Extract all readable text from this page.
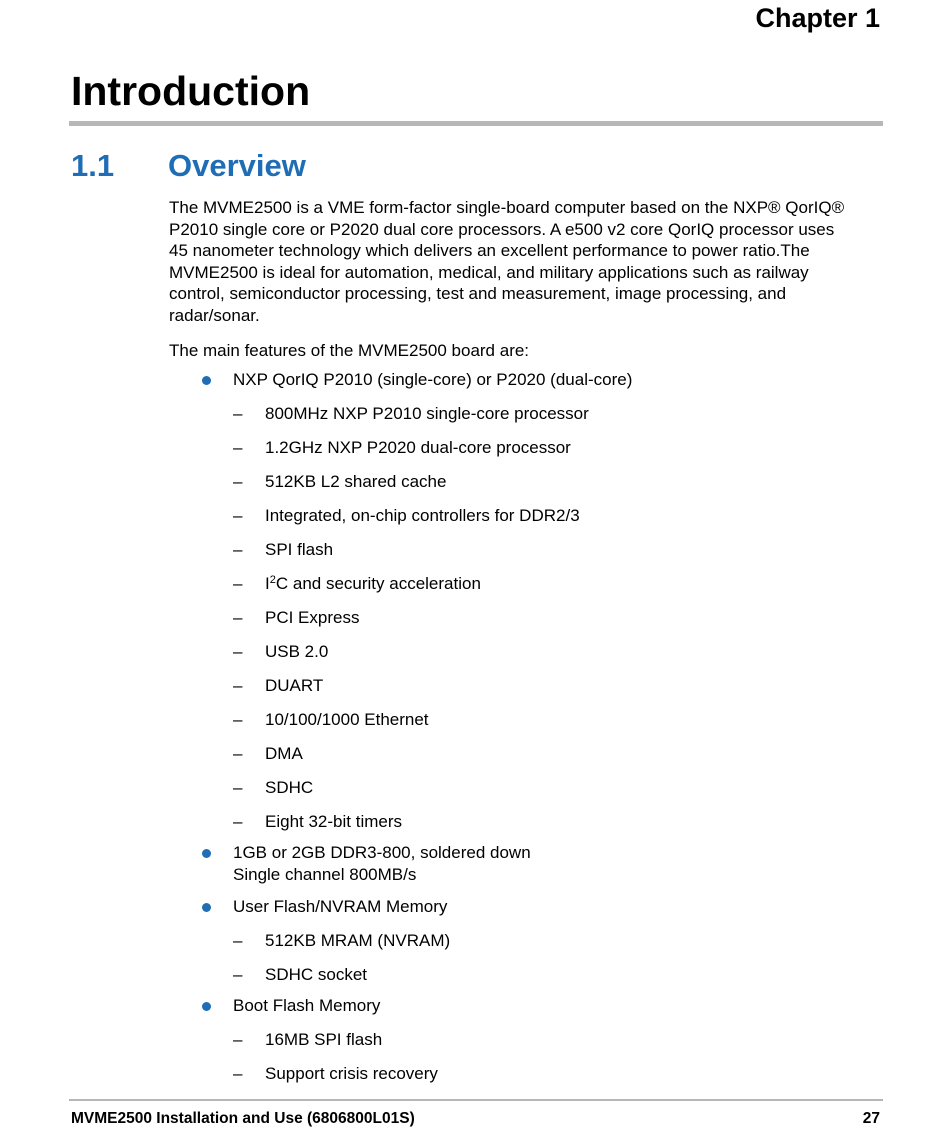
Chapter 1
Introduction
1.1 Overview

The MVME2500 is a VME form-factor single-board computer based on the NXP® QorIQ®
P2010 single core or P2020 dual core processors. A e500 v2 core QorIQ processor uses
45 nanometer technology which delivers an excellent performance to power ratio.The
MVME2500 is ideal for automation, medical, and military applications such as railway
control, semiconductor processing, test and measurement, image processing, and
radar/sonar.

The main features of the MVME2500 board are:

NXP QorIQ P2010 (single-core) or P2020 (dual-core)
– 800MHz NXP P2010 single-core processor
– 1.2GHz NXP P2020 dual-core processor
– 512KB L2 shared cache
– Integrated, on-chip controllers for DDR2/3
– SPI flash
– $I^2C$ and security acceleration
– PCI Express
– USB 2.0
– DUART
– 10/100/1000 Ethernet
– DMA
– SDHC
– Eight 32-bit timers
1GB or 2GB DDR3-800, soldered down
Single channel 800MB/s
User Flash/NVRAM Memory
– 512KB MRAM (NVRAM)
– SDHC socket
Boot Flash Memory
– 16MB SPI flash
– Support crisis recovery
MVME2500 Installation and Use (6806800L01S)	27
